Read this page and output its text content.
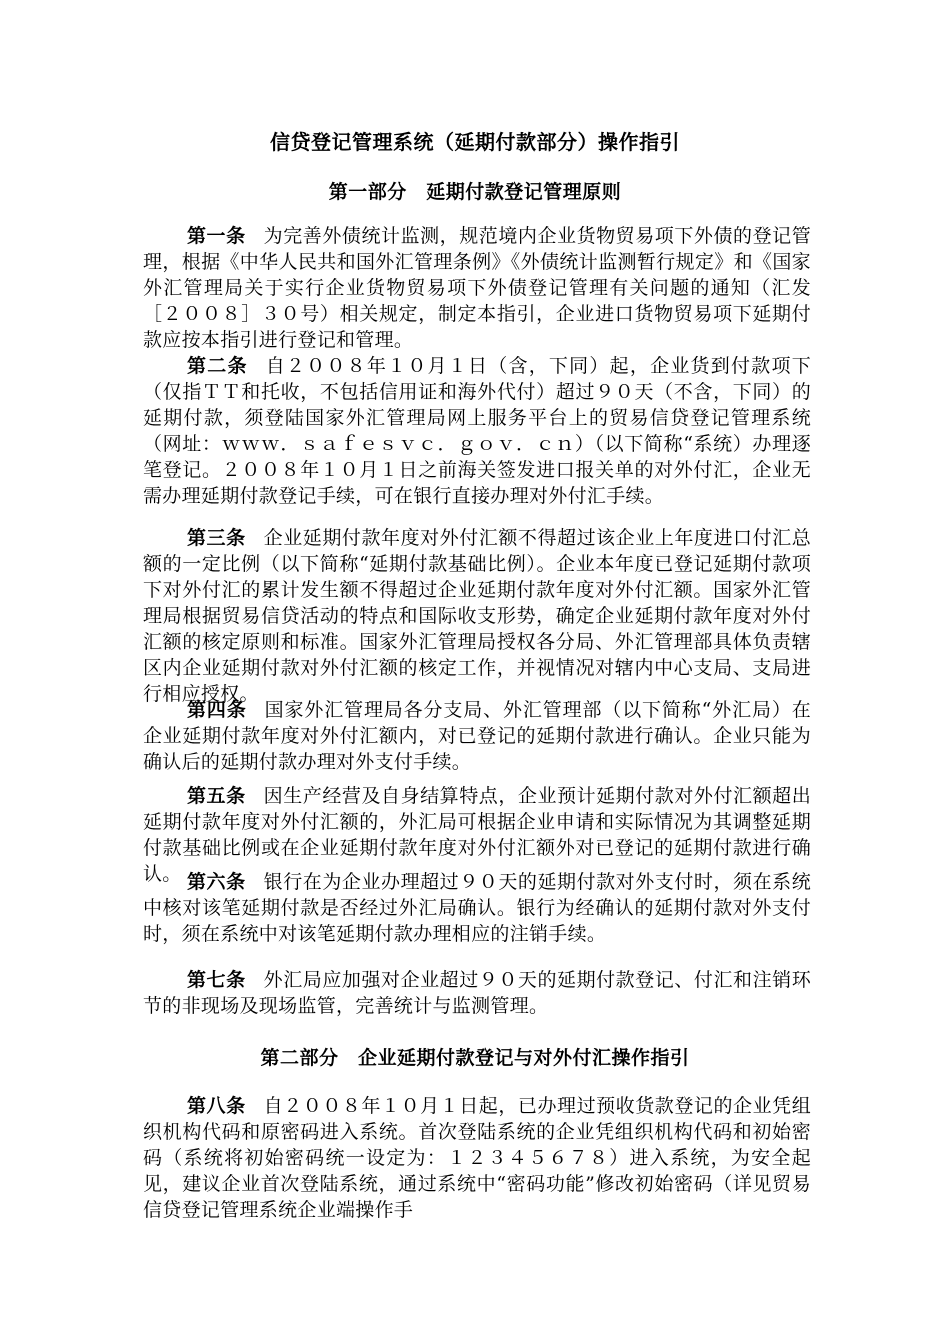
信贷登记管理系统（延期付款部分）操作指引
第一部分　延期付款登记管理原则
第一条 为完善外债统计监测，规范境内企业货物贸易项下外债的登记管理，根据《中华人民共和国外汇管理条例》《外债统计监测暂行规定》和《国家外汇管理局关于实行企业货物贸易项下外债登记管理有关问题的通知（汇发［２００８］３０号）相关规定，制定本指引，企业进口货物贸易项下延期付款应按本指引进行登记和管理。
第二条 自２００８年１０月１日（含，下同）起，企业货到付款项下（仅指ＴＴ和托收，不包括信用证和海外代付）超过９０天（不含，下同）的延期付款，须登陆国家外汇管理局网上服务平台上的贸易信贷登记管理系统（网址：ｗｗｗ．ｓａｆｅｓｖｃ．ｇｏｖ．ｃｎ）（以下简称“系统）办理逐笔登记。２００８年１０月１日之前海关签发进口报关单的对外付汇，企业无需办理延期付款登记手续，可在银行直接办理对外付汇手续。
第三条 企业延期付款年度对外付汇额不得超过该企业上年度进口付汇总额的一定比例（以下简称“延期付款基础比例）。企业本年度已登记延期付款项下对外付汇的累计发生额不得超过企业延期付款年度对外付汇额。国家外汇管理局根据贸易信贷活动的特点和国际收支形势，确定企业延期付款年度对外付汇额的核定原则和标准。国家外汇管理局授权各分局、外汇管理部具体负责辖区内企业延期付款对外付汇额的核定工作，并视情况对辖内中心支局、支局进行相应授权。
第四条 国家外汇管理局各分支局、外汇管理部（以下简称“外汇局）在企业延期付款年度对外付汇额内，对已登记的延期付款进行确认。企业只能为确认后的延期付款办理对外支付手续。
第五条 因生产经营及自身结算特点，企业预计延期付款对外付汇额超出延期付款年度对外付汇额的，外汇局可根据企业申请和实际情况为其调整延期付款基础比例或在企业延期付款年度对外付汇额外对已登记的延期付款进行确认。 第六条 银行在为企业办理超过９０天的延期付款对外支付时，须在系统中核对该笔延期付款是否经过外汇局确认。银行为经确认的延期付款对外支付时，须在系统中对该笔延期付款办理相应的注销手续。
第七条 外汇局应加强对企业超过９０天的延期付款登记、付汇和注销环节的非现场及现场监管，完善统计与监测管理。
第二部分　企业延期付款登记与对外付汇操作指引
第八条 自２００８年１０月１日起，已办理过预收货款登记的企业凭组织机构代码和原密码进入系统。首次登陆系统的企业凭组织机构代码和初始密码（系统将初始密码统一设定为：１２３４５６７８）进入系统，为安全起见，建议企业首次登陆系统，通过系统中“密码功能”修改初始密码（详见贸易信贷登记管理系统企业端操作手
